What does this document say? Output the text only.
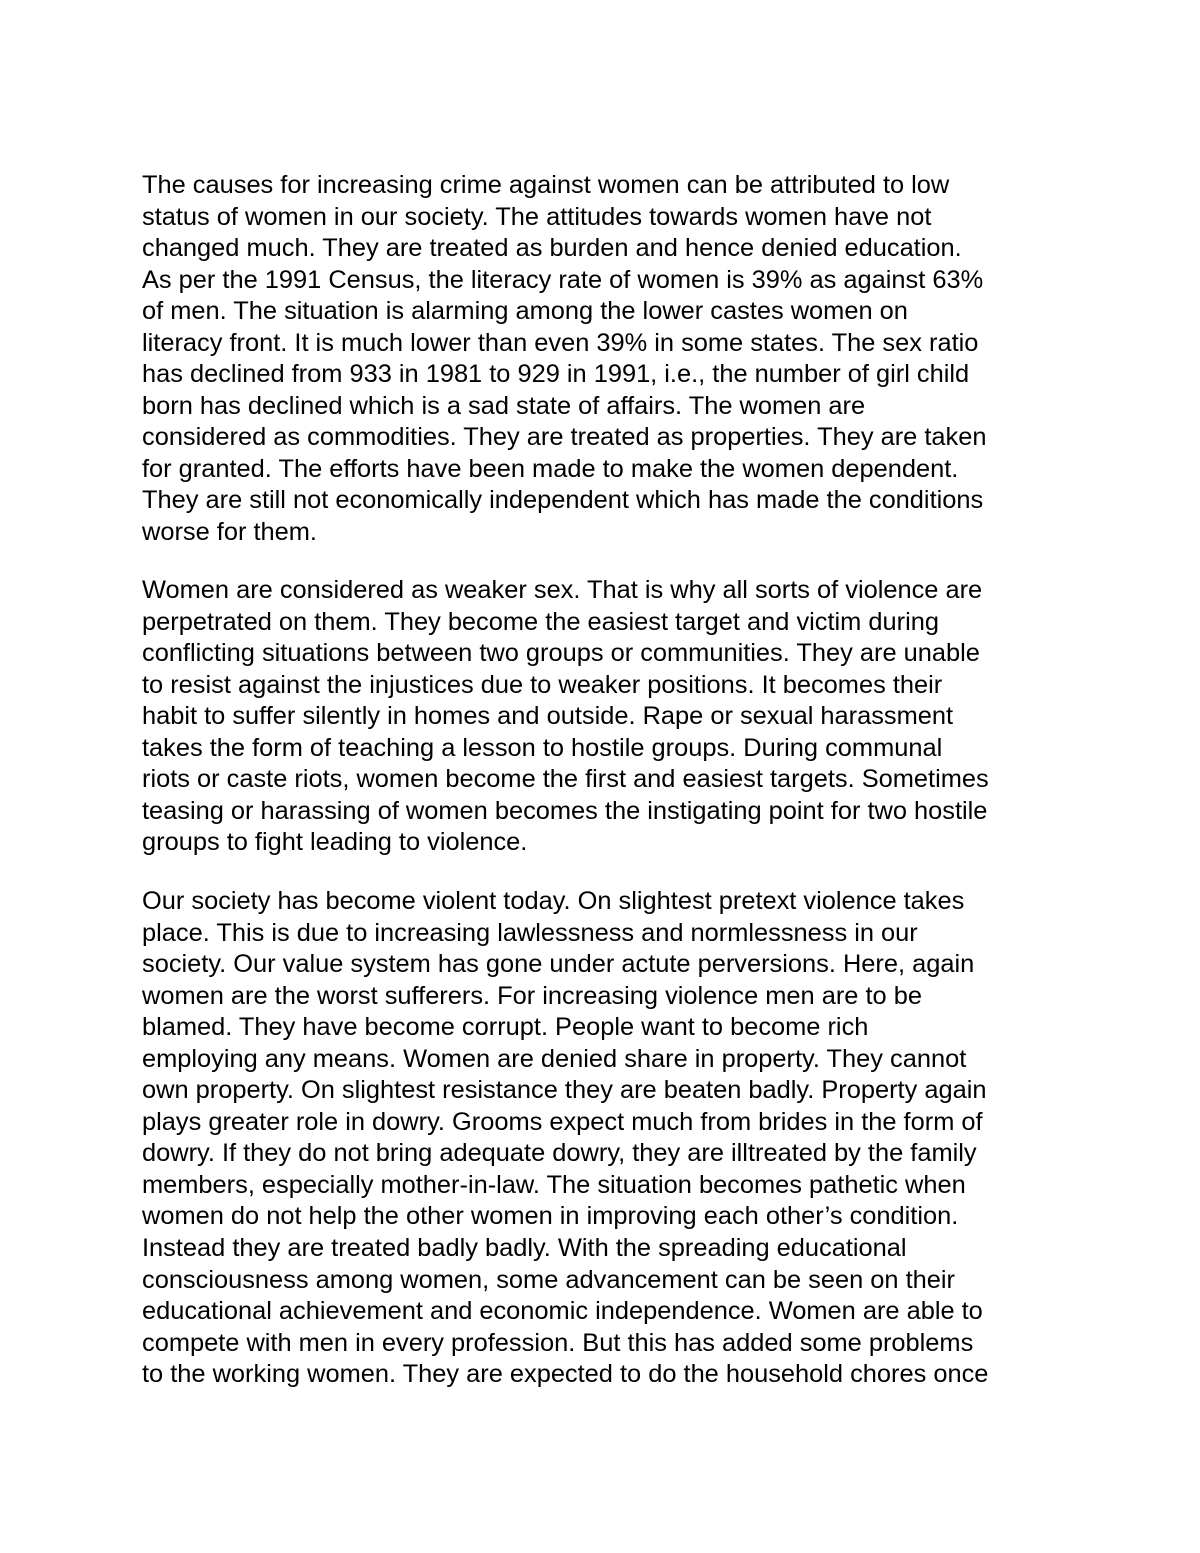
The causes for increasing crime against women can be attributed to low
status of women in our society. The attitudes towards women have not
changed much. They are treated as burden and hence denied education.
As per the 1991 Census, the literacy rate of women is 39% as against 63%
of men. The situation is alarming among the lower castes women on
literacy front. It is much lower than even 39% in some states. The sex ratio
has declined from 933 in 1981 to 929 in 1991, i.e., the number of girl child
born has declined which is a sad state of affairs. The women are
considered as commodities. They are treated as properties. They are taken
for granted. The efforts have been made to make the women dependent.
They are still not economically independent which has made the conditions
worse for them.
Women are considered as weaker sex. That is why all sorts of violence are
perpetrated on them. They become the easiest target and victim during
conflicting situations between two groups or communities. They are unable
to resist against the injustices due to weaker positions. It becomes their
habit to suffer silently in homes and outside. Rape or sexual harassment
takes the form of teaching a lesson to hostile groups. During communal
riots or caste riots, women become the first and easiest targets. Sometimes
teasing or harassing of women becomes the instigating point for two hostile
groups to fight leading to violence.
Our society has become violent today. On slightest pretext violence takes
place. This is due to increasing lawlessness and normlessness in our
society. Our value system has gone under actute perversions. Here, again
women are the worst sufferers. For increasing violence men are to be
blamed. They have become corrupt. People want to become rich
employing any means. Women are denied share in property. They cannot
own property. On slightest resistance they are beaten badly. Property again
plays greater role in dowry. Grooms expect much from brides in the form of
dowry. If they do not bring adequate dowry, they are illtreated by the family
members, especially mother-in-law. The situation becomes pathetic when
women do not help the other women in improving each other’s condition.
Instead they are treated badly badly. With the spreading educational
consciousness among women, some advancement can be seen on their
educational achievement and economic independence. Women are able to
compete with men in every profession. But this has added some problems
to the working women. They are expected to do the household chores once
